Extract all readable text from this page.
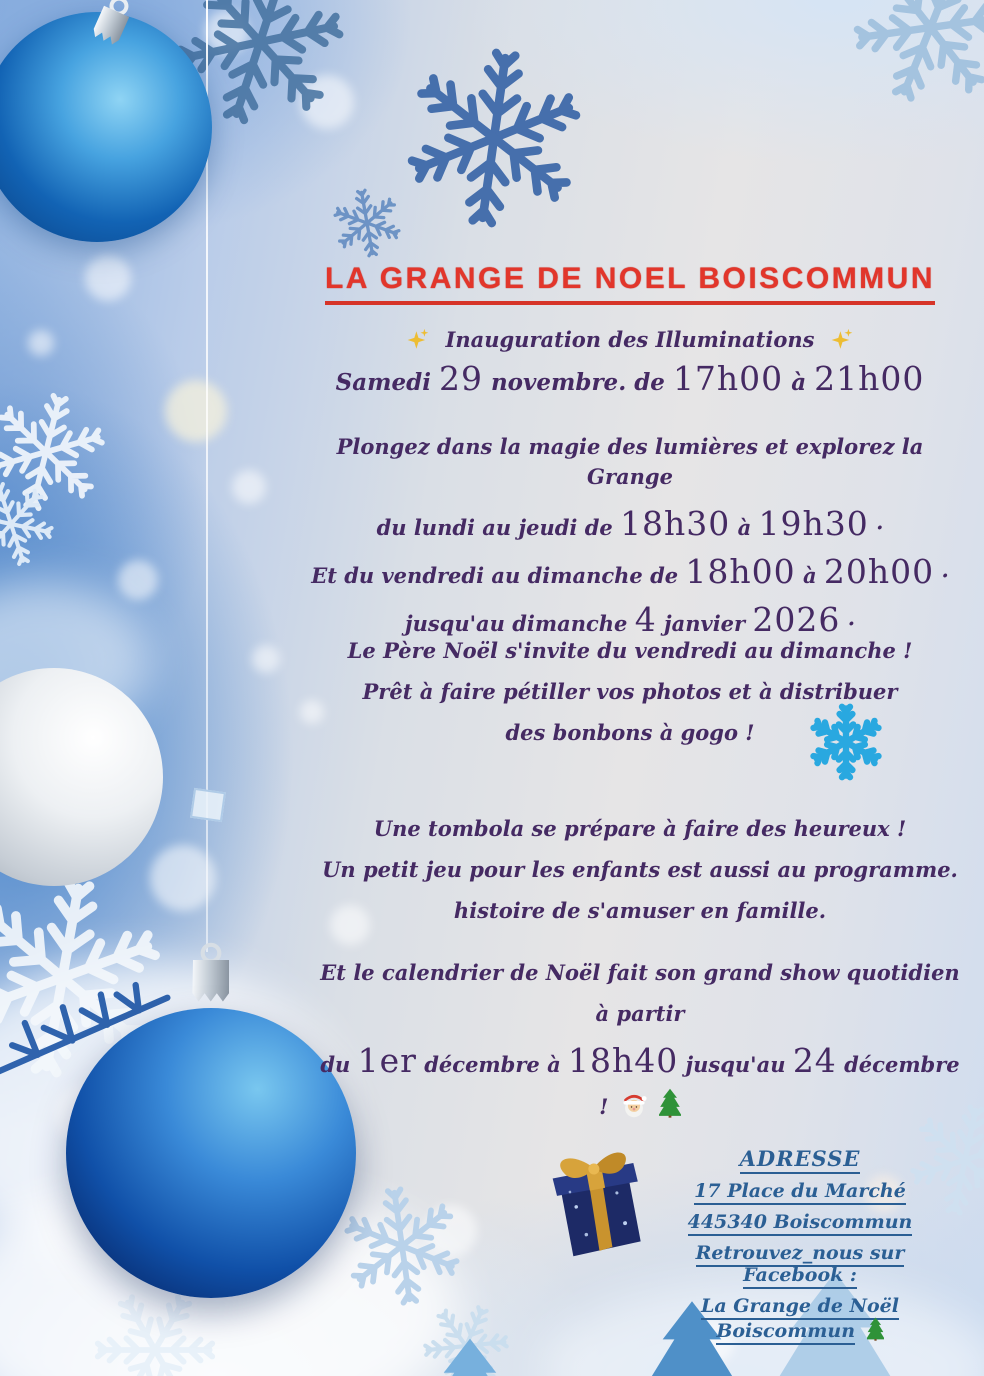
LA GRANGE DE NOEL BOISCOMMUN
Inauguration des Illuminations
Samedi 29 novembre. de 17h00 à 21h00

Plongez dans la magie des lumières et explorez la Grange

du lundi au jeudi de 18h30 à 19h30 ·

Et du vendredi au dimanche de 18h00 à 20h00 ·

jusqu'au dimanche 4 janvier 2026 ·

Le Père Noël s'invite du vendredi au dimanche !

Prêt à faire pétiller vos photos et à distribuer

des bonbons à gogo !

Une tombola se prépare à faire des heureux !

Un petit jeu pour les enfants est aussi au programme.

histoire de s'amuser en famille.

Et le calendrier de Noël fait son grand show quotidien

à partir

du 1er décembre à 18h40 jusqu'au 24 décembre !

ADRESSE

17 Place du Marché

445340 Boiscommun

Retrouvez_nous sur Facebook :

La Grange de Noël Boiscommun
